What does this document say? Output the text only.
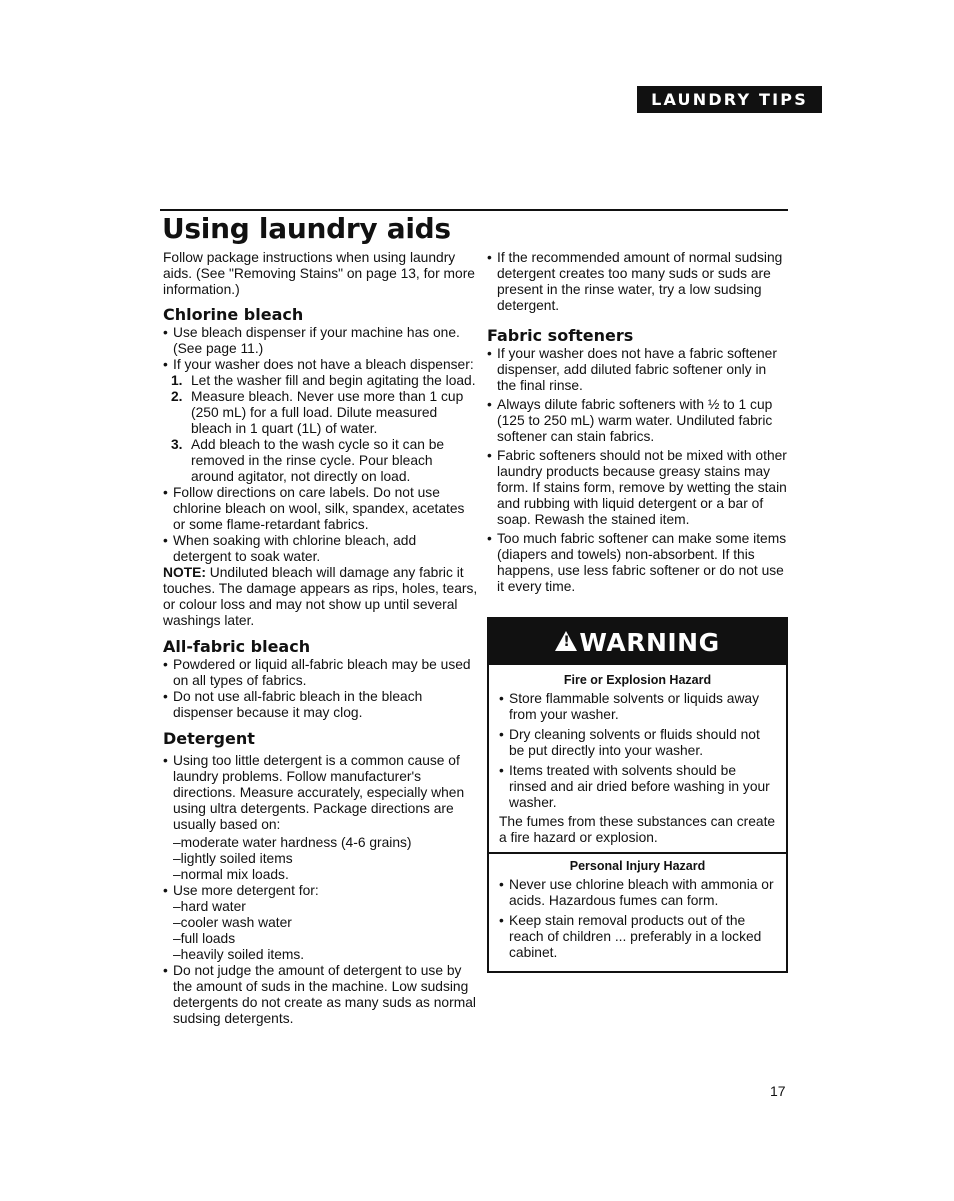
LAUNDRY TIPS
Using laundry aids

Follow package instructions when using laundry aids. (See "Removing Stains" on page 13, for more information.)

Chlorine bleach
• Use bleach dispenser if your machine has one. (See page 11.)
• If your washer does not have a bleach dispenser:
1. Let the washer fill and begin agitating the load.
2. Measure bleach. Never use more than 1 cup (250 mL) for a full load. Dilute measured bleach in 1 quart (1L) of water.
3. Add bleach to the wash cycle so it can be removed in the rinse cycle. Pour bleach around agitator, not directly on load.
• Follow directions on care labels. Do not use chlorine bleach on wool, silk, spandex, acetates or some flame-retardant fabrics.
• When soaking with chlorine bleach, add detergent to soak water.

NOTE: Undiluted bleach will damage any fabric it touches. The damage appears as rips, holes, tears, or colour loss and may not show up until several washings later.

All-fabric bleach
• Powdered or liquid all-fabric bleach may be used on all types of fabrics.
• Do not use all-fabric bleach in the bleach dispenser because it may clog.
Detergent
• Using too little detergent is a common cause of laundry problems. Follow manufacturer's directions. Measure accurately, especially when using ultra detergents. Package directions are usually based on:
–moderate water hardness (4-6 grains)
–lightly soiled items
–normal mix loads.
• Use more detergent for:
–hard water
–cooler wash water
–full loads
–heavily soiled items.
• Do not judge the amount of detergent to use by the amount of suds in the machine. Low sudsing detergents do not create as many suds as normal sudsing detergents.
• If the recommended amount of normal sudsing detergent creates too many suds or suds are present in the rinse water, try a low sudsing detergent.
Fabric softeners
• If your washer does not have a fabric softener dispenser, add diluted fabric softener only in the final rinse.
• Always dilute fabric softeners with ½ to 1 cup (125 to 250 mL) warm water. Undiluted fabric softener can stain fabrics.
• Fabric softeners should not be mixed with other laundry products because greasy stains may form. If stains form, remove by wetting the stain and rubbing with liquid detergent or a bar of soap. Rewash the stained item.
• Too much fabric softener can make some items (diapers and towels) non-absorbent. If this happens, use less fabric softener or do not use it every time.
!
WARNING
Fire or Explosion Hazard
• Store flammable solvents or liquids away from your washer.
• Dry cleaning solvents or fluids should not be put directly into your washer.
• Items treated with solvents should be rinsed and air dried before washing in your washer.

The fumes from these substances can create a fire hazard or explosion.

Personal Injury Hazard
• Never use chlorine bleach with ammonia or acids. Hazardous fumes can form.
• Keep stain removal products out of the reach of children ... preferably in a locked cabinet.
17
